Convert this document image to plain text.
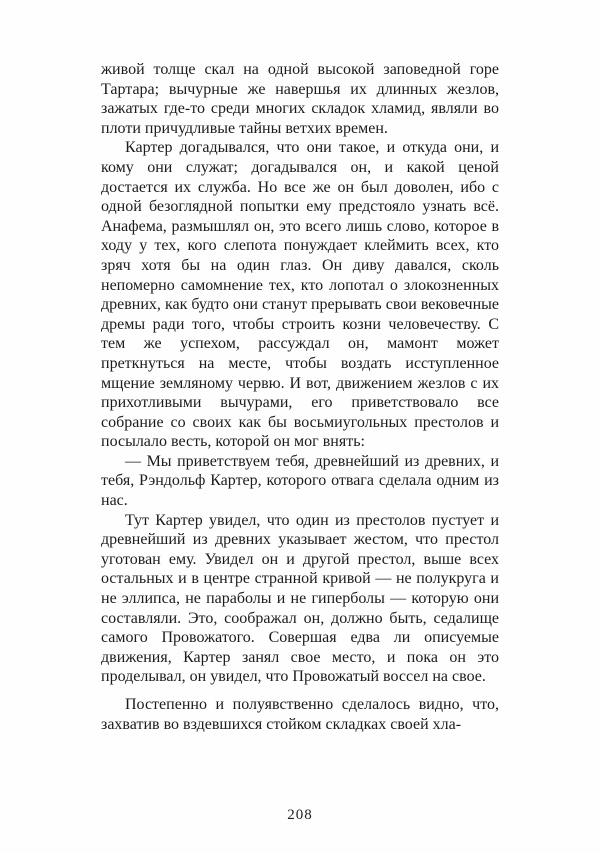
живой толще скал на одной высокой заповедной горе Тартара; вычурные же навершья их длинных жезлов, зажатых где-то среди многих складок хламид, являли во плоти причудливые тайны ветхих времен.

Картер догадывался, что они такое, и откуда они, и кому они служат; догадывался он, и какой ценой достается их служба. Но все же он был доволен, ибо с одной безоглядной попытки ему предстояло узнать всё. Анафема, размышлял он, это всего лишь слово, которое в ходу у тех, кого слепота понуждает клеймить всех, кто зряч хотя бы на один глаз. Он диву давался, сколь непомерно самомнение тех, кто лопотал о злокозненных древних, как будто они станут прерывать свои вековечные дремы ради того, чтобы строить козни человечеству. С тем же успехом, рассуждал он, мамонт может преткнуться на месте, чтобы воздать исступленное мщение земляному червю. И вот, движением жезлов с их прихотливыми вычурами, его приветствовало все собрание со своих как бы восьмиугольных престолов и посылало весть, которой он мог внять:

— Мы приветствуем тебя, древнейший из древних, и тебя, Рэндольф Картер, которого отвага сделала одним из нас.

Тут Картер увидел, что один из престолов пустует и древнейший из древних указывает жестом, что престол уготован ему. Увидел он и другой престол, выше всех остальных и в центре странной кривой — не полукруга и не эллипса, не параболы и не гиперболы — которую они составляли. Это, соображал он, должно быть, седалище самого Провожатого. Совершая едва ли описуемые движения, Картер занял свое место, и пока он это проделывал, он увидел, что Провожатый воссел на свое.

Постепенно и полуявственно сделалось видно, что, захватив во вздевшихся стойком складках своей хла-

208
